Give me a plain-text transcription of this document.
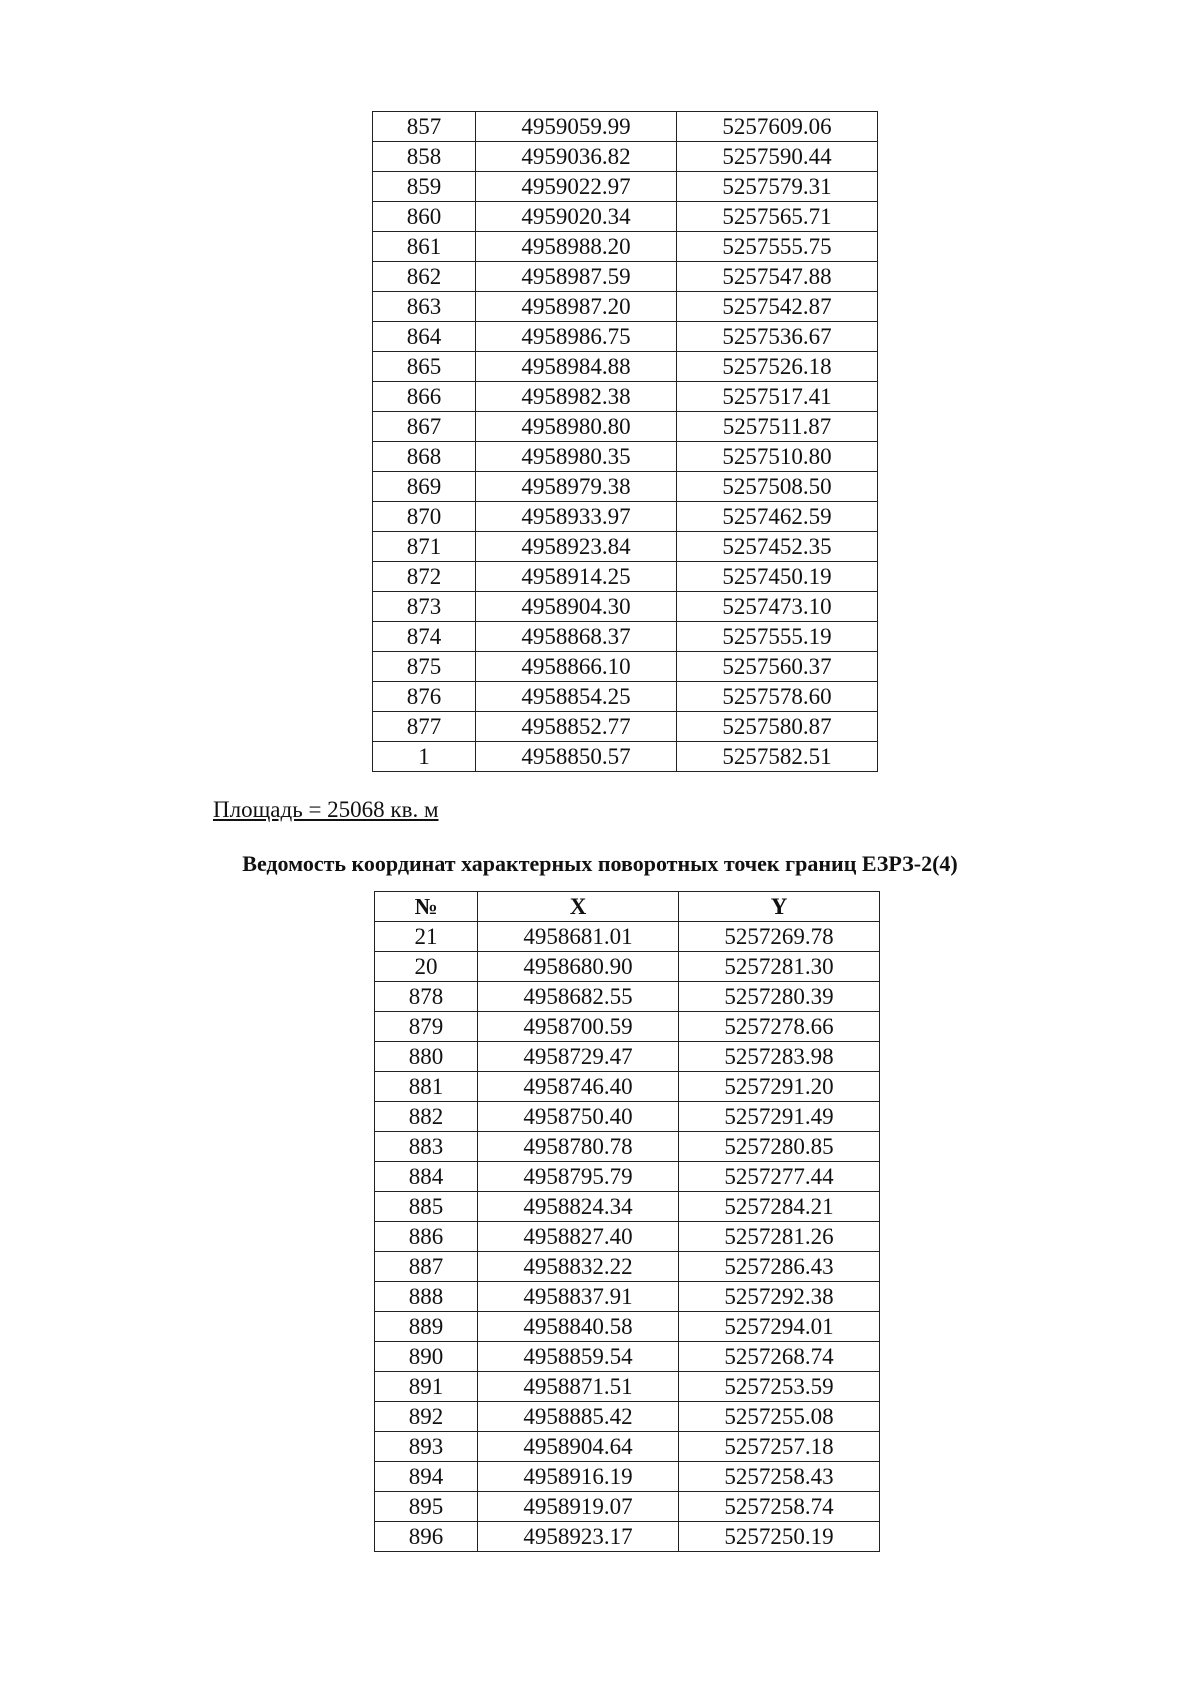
857	4959059.99	5257609.06
858	4959036.82	5257590.44
859	4959022.97	5257579.31
860	4959020.34	5257565.71
861	4958988.20	5257555.75
862	4958987.59	5257547.88
863	4958987.20	5257542.87
864	4958986.75	5257536.67
865	4958984.88	5257526.18
866	4958982.38	5257517.41
867	4958980.80	5257511.87
868	4958980.35	5257510.80
869	4958979.38	5257508.50
870	4958933.97	5257462.59
871	4958923.84	5257452.35
872	4958914.25	5257450.19
873	4958904.30	5257473.10
874	4958868.37	5257555.19
875	4958866.10	5257560.37
876	4958854.25	5257578.60
877	4958852.77	5257580.87
1	4958850.57	5257582.51
Площадь = 25068 кв. м
Ведомость координат характерных поворотных точек границ ЕЗРЗ-2(4)
№	X	Y
21	4958681.01	5257269.78
20	4958680.90	5257281.30
878	4958682.55	5257280.39
879	4958700.59	5257278.66
880	4958729.47	5257283.98
881	4958746.40	5257291.20
882	4958750.40	5257291.49
883	4958780.78	5257280.85
884	4958795.79	5257277.44
885	4958824.34	5257284.21
886	4958827.40	5257281.26
887	4958832.22	5257286.43
888	4958837.91	5257292.38
889	4958840.58	5257294.01
890	4958859.54	5257268.74
891	4958871.51	5257253.59
892	4958885.42	5257255.08
893	4958904.64	5257257.18
894	4958916.19	5257258.43
895	4958919.07	5257258.74
896	4958923.17	5257250.19
